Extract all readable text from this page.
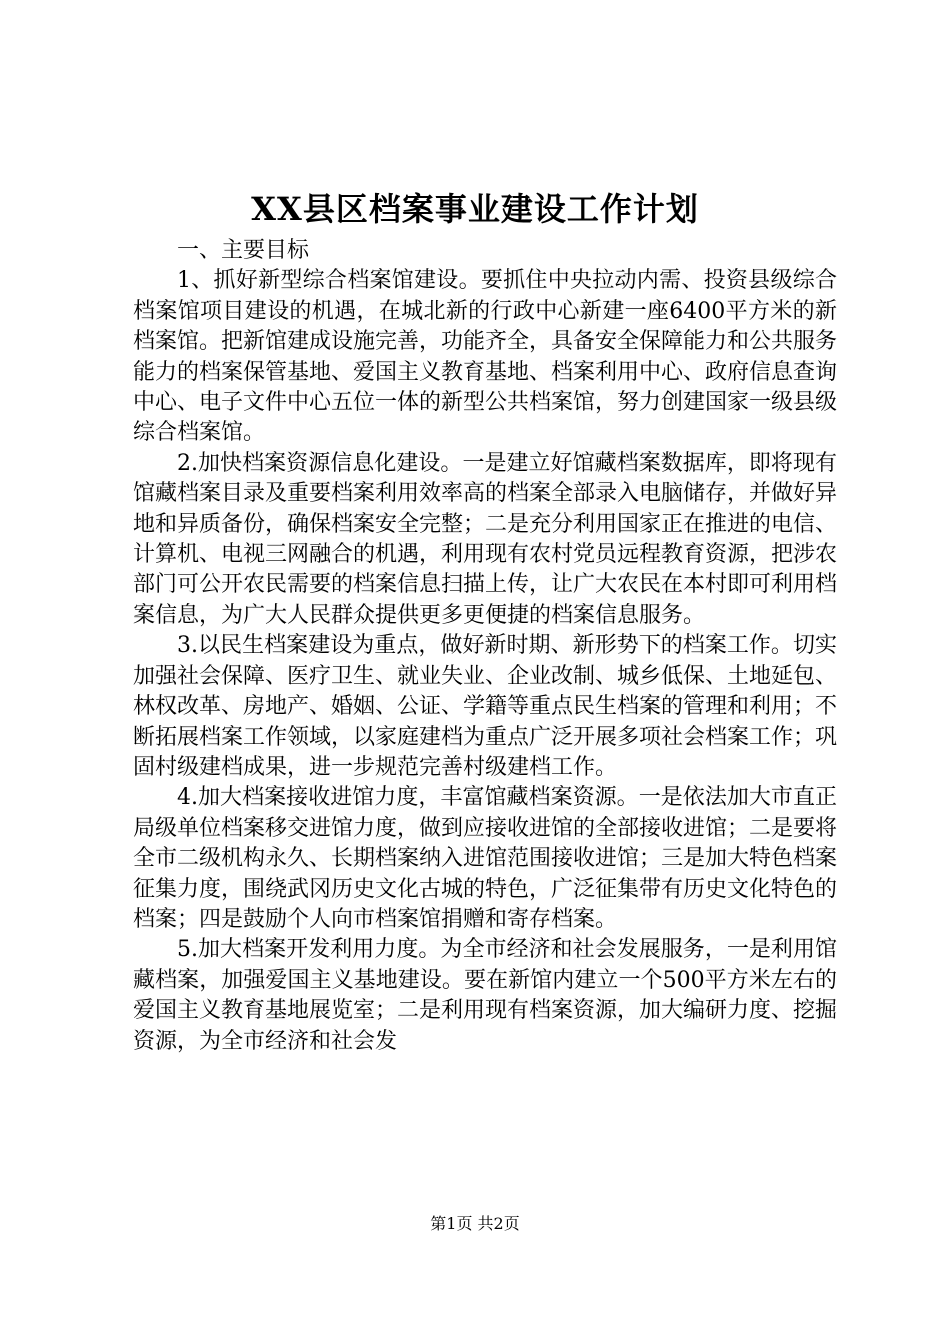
XX县区档案事业建设工作计划

一、主要目标

1、抓好新型综合档案馆建设。要抓住中央拉动内需、投资县级综合档案馆项目建设的机遇，在城北新的行政中心新建一座6400平方米的新档案馆。把新馆建成设施完善，功能齐全，具备安全保障能力和公共服务能力的档案保管基地、爱国主义教育基地、档案利用中心、政府信息查询中心、电子文件中心五位一体的新型公共档案馆，努力创建国家一级县级综合档案馆。

2.加快档案资源信息化建设。一是建立好馆藏档案数据库，即将现有馆藏档案目录及重要档案利用效率高的档案全部录入电脑储存，并做好异地和异质备份，确保档案安全完整；二是充分利用国家正在推进的电信、计算机、电视三网融合的机遇，利用现有农村党员远程教育资源，把涉农部门可公开农民需要的档案信息扫描上传，让广大农民在本村即可利用档案信息，为广大人民群众提供更多更便捷的档案信息服务。

3.以民生档案建设为重点，做好新时期、新形势下的档案工作。切实加强社会保障、医疗卫生、就业失业、企业改制、城乡低保、土地延包、林权改革、房地产、婚姻、公证、学籍等重点民生档案的管理和利用；不断拓展档案工作领域，以家庭建档为重点广泛开展多项社会档案工作；巩固村级建档成果，进一步规范完善村级建档工作。

4.加大档案接收进馆力度，丰富馆藏档案资源。一是依法加大市直正局级单位档案移交进馆力度，做到应接收进馆的全部接收进馆；二是要将全市二级机构永久、长期档案纳入进馆范围接收进馆；三是加大特色档案征集力度，围绕武冈历史文化古城的特色，广泛征集带有历史文化特色的档案；四是鼓励个人向市档案馆捐赠和寄存档案。

5.加大档案开发利用力度。为全市经济和社会发展服务，一是利用馆藏档案，加强爱国主义基地建设。要在新馆内建立一个500平方米左右的爱国主义教育基地展览室；二是利用现有档案资源，加大编研力度、挖掘资源，为全市经济和社会发

第1页 共2页
